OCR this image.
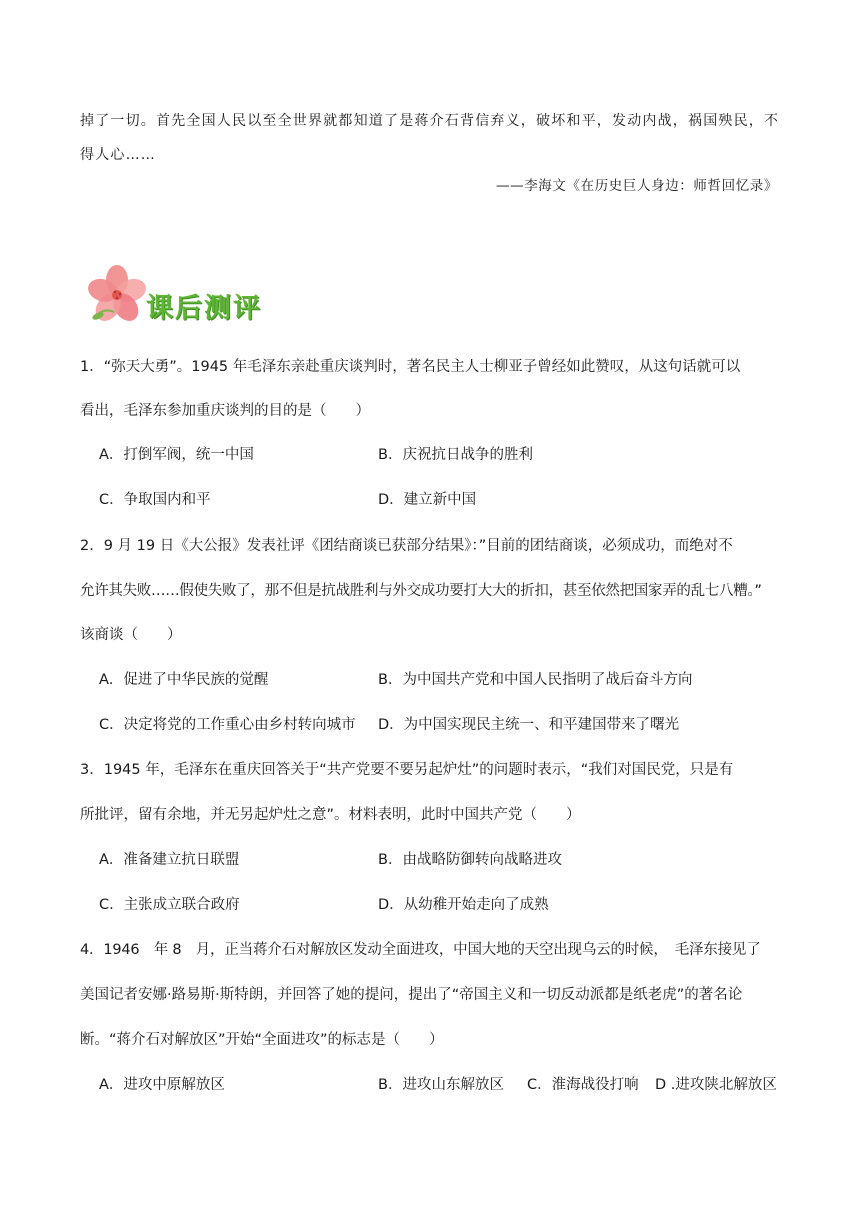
掉了一切。首先全国人民以至全世界就都知道了是蒋介石背信弃义，破坏和平，发动内战，祸国殃民，不
得人心……
——李海文《在历史巨人身边：师哲回忆录》
课后测评
1．“弥天大勇”。1945 年毛泽东亲赴重庆谈判时，著名民主人士柳亚子曾经如此赞叹，从这句话就可以
看出，毛泽东参加重庆谈判的目的是（　　）
A．打倒军阀，统一中国	B．庆祝抗日战争的胜利
C．争取国内和平	D．建立新中国
2．9 月 19 日《大公报》发表社评《团结商谈已获部分结果》：”目前的团结商谈，必须成功，而绝对不
允许其失败……假使失败了，那不但是抗战胜利与外交成功要打大大的折扣，甚至依然把国家弄的乱七八糟。”
该商谈（　　）
A．促进了中华民族的觉醒	B．为中国共产党和中国人民指明了战后奋斗方向
C．决定将党的工作重心由乡村转向城市 D．为中国实现民主统一、和平建国带来了曙光
3．1945 年，毛泽东在重庆回答关于“共产党要不要另起炉灶”的问题时表示，“我们对国民党，只是有
所批评，留有余地，并无另起炉灶之意”。材料表明，此时中国共产党（　　）
A．准备建立抗日联盟	B．由战略防御转向战略进攻
C．主张成立联合政府	D．从幼稚开始走向了成熟
4．1946　年 8　月，正当蒋介石对解放区发动全面进攻，中国大地的天空出现乌云的时候，　毛泽东接见了
美国记者安娜·路易斯·斯特朗，并回答了她的提问，提出了“帝国主义和一切反动派都是纸老虎”的著名论
断。“蒋介石对解放区”开始“全面进攻”的标志是（　　）
A．进攻中原解放区	B．进攻山东解放区 C．淮海战役打响 D .进攻陕北解放区
